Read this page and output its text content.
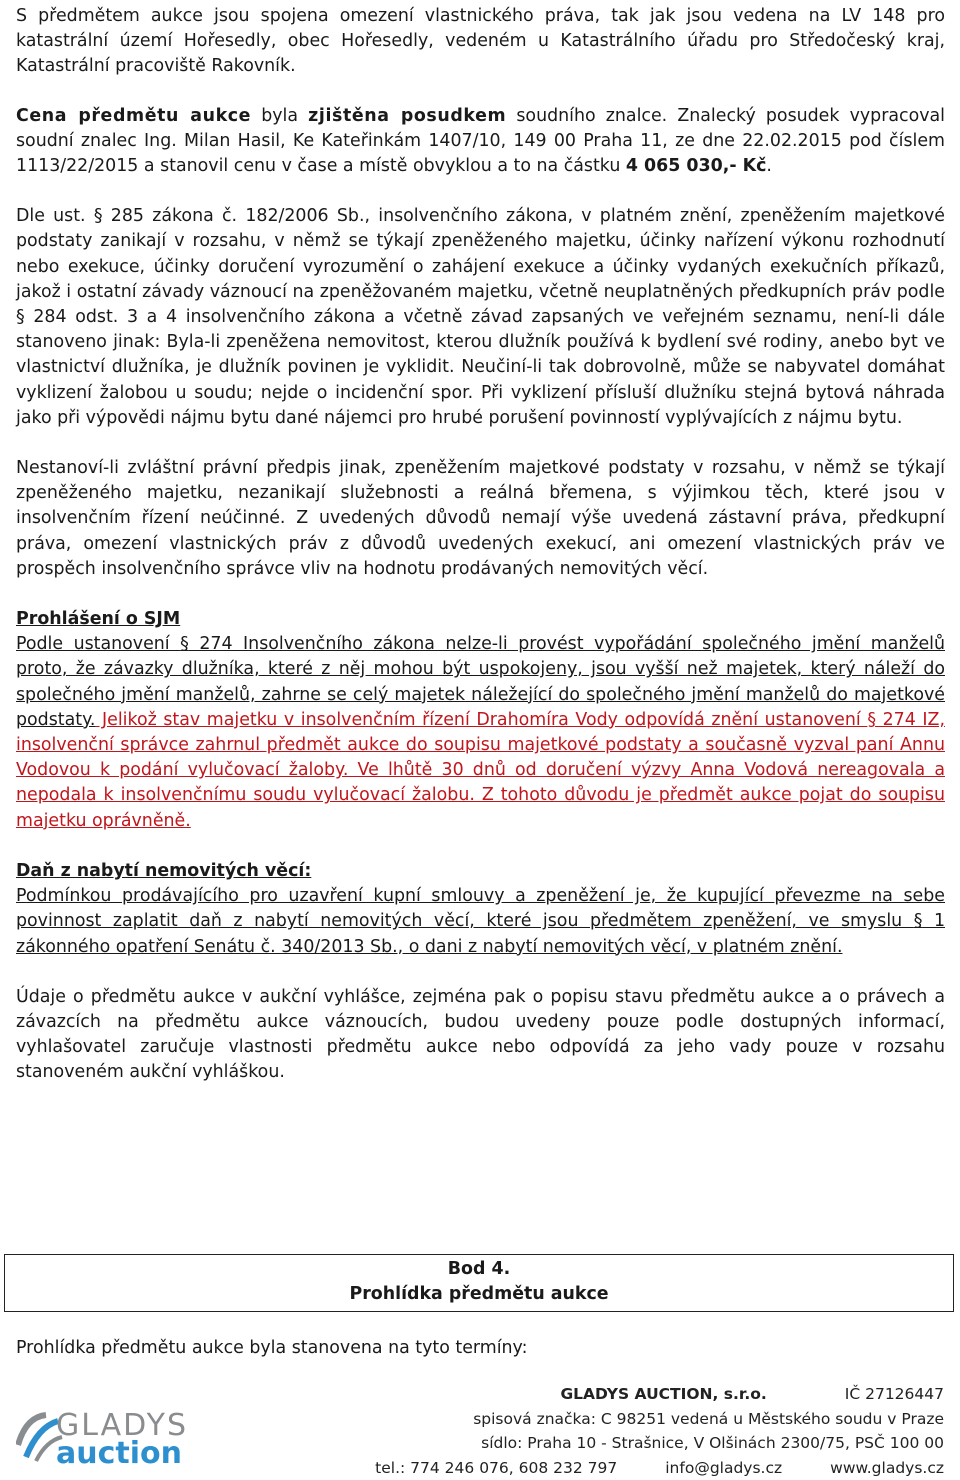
S předmětem aukce jsou spojena omezení vlastnického práva, tak jak jsou vedena na LV 148 pro katastrální území Hořesedly, obec Hořesedly, vedeném u Katastrálního úřadu pro Středočeský kraj, Katastrální pracoviště Rakovník.

Cena předmětu aukce byla zjištěna posudkem soudního znalce. Znalecký posudek vypracoval soudní znalec Ing. Milan Hasil, Ke Kateřinkám 1407/10, 149 00 Praha 11, ze dne 22.02.2015 pod číslem 1113/22/2015 a stanovil cenu v čase a místě obvyklou a to na částku 4 065 030,- Kč.

Dle ust. § 285 zákona č. 182/2006 Sb., insolvenčního zákona, v platném znění, zpeněžením majetkové podstaty zanikají v rozsahu, v němž se týkají zpeněženého majetku, účinky nařízení výkonu rozhodnutí nebo exekuce, účinky doručení vyrozumění o zahájení exekuce a účinky vydaných exekučních příkazů, jakož i ostatní závady váznoucí na zpeněžovaném majetku, včetně neuplatněných předkupních práv podle § 284 odst. 3 a 4 insolvenčního zákona a včetně závad zapsaných ve veřejném seznamu, není-li dále stanoveno jinak: Byla-li zpeněžena nemovitost, kterou dlužník používá k bydlení své rodiny, anebo byt ve vlastnictví dlužníka, je dlužník povinen je vyklidit. Neučiní-li tak dobrovolně, může se nabyvatel domáhat vyklizení žalobou u soudu; nejde o incidenční spor. Při vyklizení přísluší dlužníku stejná bytová náhrada jako při výpovědi nájmu bytu dané nájemci pro hrubé porušení povinností vyplývajících z nájmu bytu.

Nestanoví-li zvláštní právní předpis jinak, zpeněžením majetkové podstaty v rozsahu, v němž se týkají zpeněženého majetku, nezanikají služebnosti a reálná břemena, s výjimkou těch, které jsou v insolvenčním řízení neúčinné. Z uvedených důvodů nemají výše uvedená zástavní práva, předkupní práva, omezení vlastnických práv z důvodů uvedených exekucí, ani omezení vlastnických práv ve prospěch insolvenčního správce vliv na hodnotu prodávaných nemovitých věcí.

Prohlášení o SJM

Podle ustanovení § 274 Insolvenčního zákona nelze-li provést vypořádání společného jmění manželů proto, že závazky dlužníka, které z něj mohou být uspokojeny, jsou vyšší než majetek, který náleží do společného jmění manželů, zahrne se celý majetek náležející do společného jmění manželů do majetkové podstaty. Jelikož stav majetku v insolvenčním řízení Drahomíra Vody odpovídá znění ustanovení § 274 IZ, insolvenční správce zahrnul předmět aukce do soupisu majetkové podstaty a současně vyzval paní Annu Vodovou k podání vylučovací žaloby. Ve lhůtě 30 dnů od doručení výzvy Anna Vodová nereagovala a nepodala k insolvenčnímu soudu vylučovací žalobu. Z tohoto důvodu je předmět aukce pojat do soupisu majetku oprávněně.

Daň z nabytí nemovitých věcí:

Podmínkou prodávajícího pro uzavření kupní smlouvy a zpeněžení je, že kupující převezme na sebe povinnost zaplatit daň z nabytí nemovitých věcí, které jsou předmětem zpeněžení, ve smyslu § 1 zákonného opatření Senátu č. 340/2013 Sb., o dani z nabytí nemovitých věcí, v platném znění.

Údaje o předmětu aukce v aukční vyhlášce, zejména pak o popisu stavu předmětu aukce a o právech a závazcích na předmětu aukce váznoucích, budou uvedeny pouze podle dostupných informací, vyhlašovatel zaručuje vlastnosti předmětu aukce nebo odpovídá za jeho vady pouze v rozsahu stanoveném aukční vyhláškou.

Bod 4.
Prohlídka předmětu aukce
Prohlídka předmětu aukce byla stanovena na tyto termíny:
GLADYS
auction
GLADYS AUCTION, s.r.o.	IČ 27126447
spisová značka: C 98251 vedená u Městského soudu v Praze
sídlo: Praha 10 - Strašnice, V Olšinách 2300/75, PSČ 100 00
tel.: 774 246 076, 608 232 797	info@gladys.cz	www.gladys.cz
